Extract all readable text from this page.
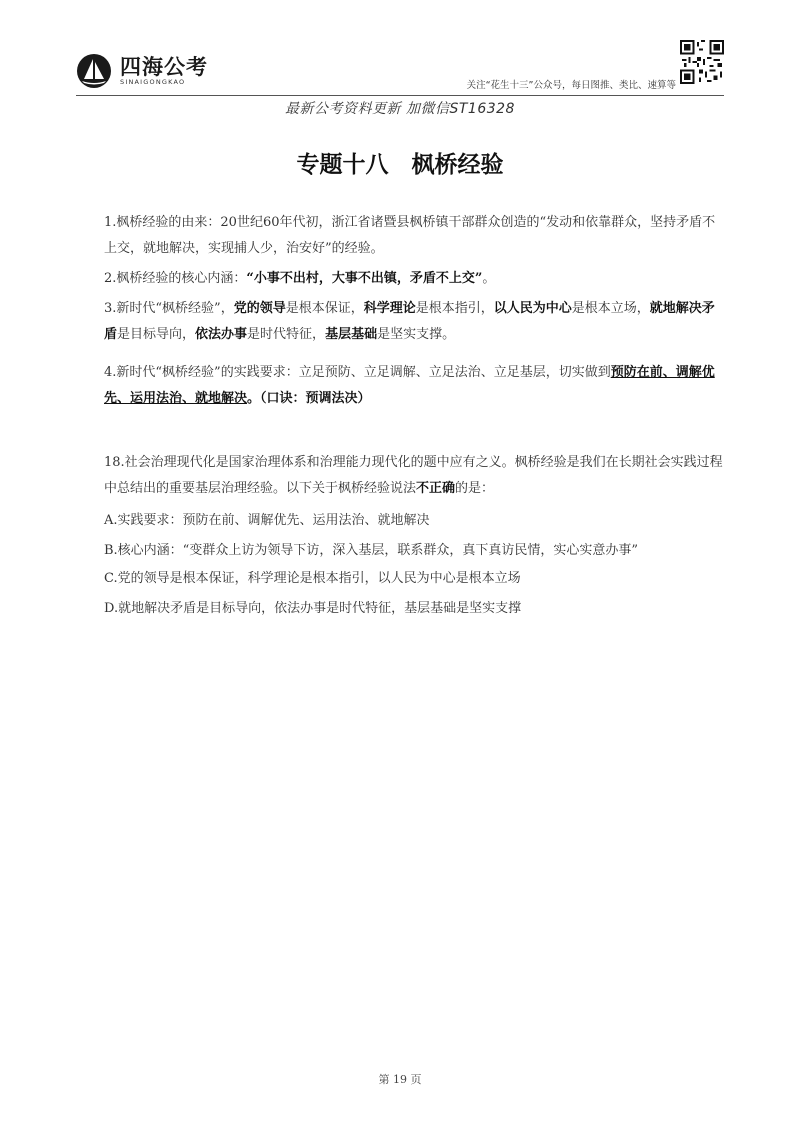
四海公考
SINAIGONGKAO	关注“花生十三”公众号，每日图推、类比、速算等
最新公考资料更新 加微信ST16328
专题十八　枫桥经验

1.枫桥经验的由来：20世纪60年代初，浙江省诸暨县枫桥镇干部群众创造的“发动和依靠群众，坚持矛盾不上交，就地解决，实现捕人少，治安好”的经验。

2.枫桥经验的核心内涵：“小事不出村，大事不出镇，矛盾不上交”。

3.新时代“枫桥经验”，党的领导是根本保证，科学理论是根本指引，以人民为中心是根本立场，就地解决矛盾是目标导向，依法办事是时代特征，基层基础是坚实支撑。

4.新时代“枫桥经验”的实践要求：立足预防、立足调解、立足法治、立足基层，切实做到预防在前、调解优先、运用法治、就地解决。（口诀：预调法决）

18.社会治理现代化是国家治理体系和治理能力现代化的题中应有之义。枫桥经验是我们在长期社会实践过程中总结出的重要基层治理经验。以下关于枫桥经验说法不正确的是：

A.实践要求：预防在前、调解优先、运用法治、就地解决
B.核心内涵：“变群众上访为领导下访，深入基层，联系群众，真下真访民情，实心实意办事”
C.党的领导是根本保证，科学理论是根本指引，以人民为中心是根本立场
D.就地解决矛盾是目标导向，依法办事是时代特征，基层基础是坚实支撑
第 19 页
